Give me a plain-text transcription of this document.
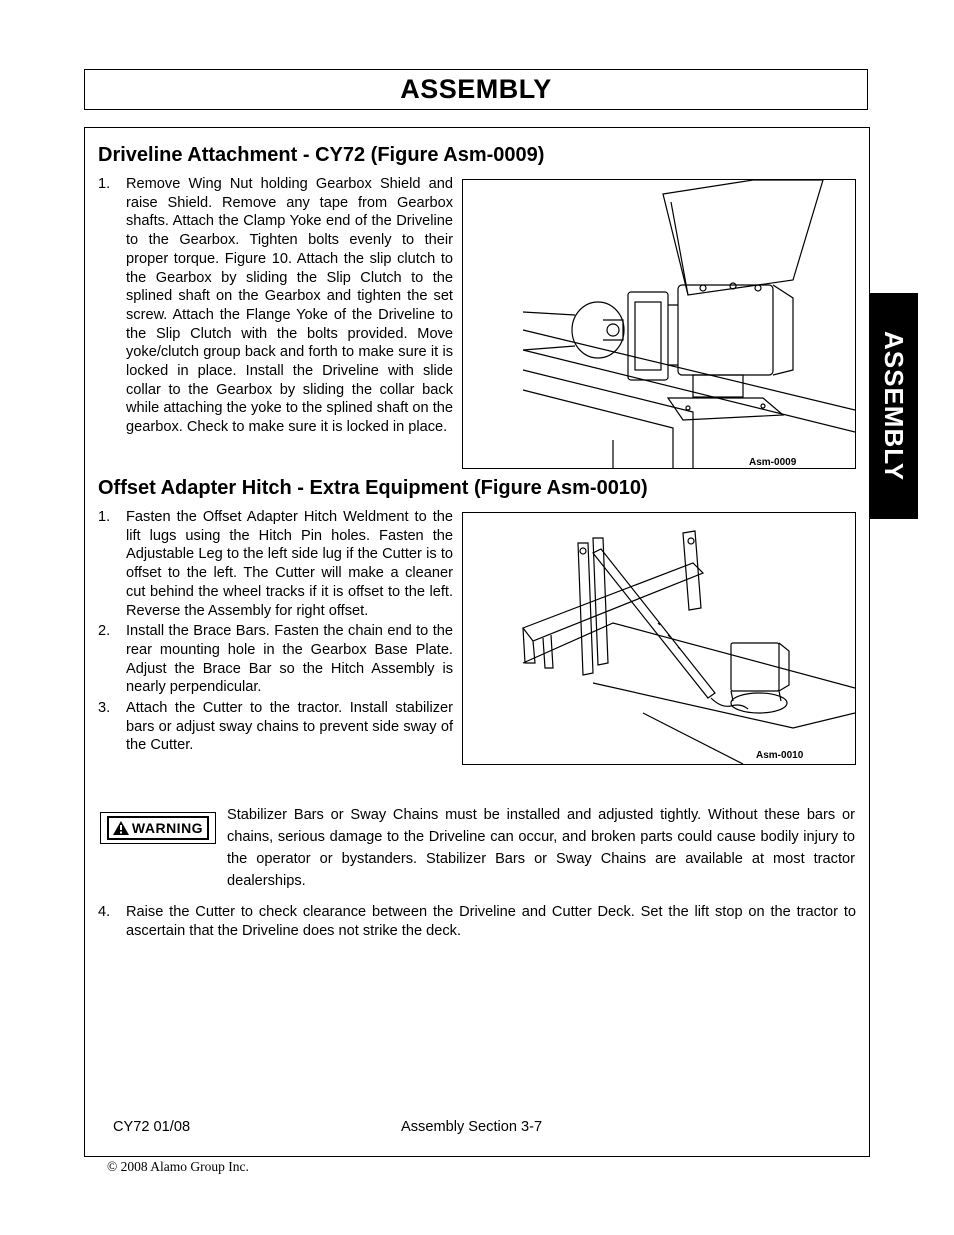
ASSEMBLY
ASSEMBLY
Driveline Attachment - CY72 (Figure Asm-0009)
1. Remove Wing Nut holding Gearbox Shield and raise Shield. Remove any tape from Gearbox shafts. Attach the Clamp Yoke end of the Driveline to the Gearbox. Tighten bolts evenly to their proper torque. Figure 10. Attach the slip clutch to the Gearbox by sliding the Slip Clutch to the splined shaft on the Gearbox and tighten the set screw. Attach the Flange Yoke of the Driveline to the Slip Clutch with the bolts provided. Move yoke/clutch group back and forth to make sure it is locked in place. Install the Driveline with slide collar to the Gearbox by sliding the collar back while attaching the yoke to the splined shaft on the gearbox. Check to make sure it is locked in place.
Asm-0009
Offset Adapter Hitch - Extra Equipment (Figure Asm-0010)
1. Fasten the Offset Adapter Hitch Weldment to the lift lugs using the Hitch Pin holes. Fasten the Adjustable Leg to the left side lug if the Cutter is to offset to the left. The Cutter will make a cleaner cut behind the wheel tracks if it is offset to the left. Reverse the Assembly for right offset.
2. Install the Brace Bars. Fasten the chain end to the rear mounting hole in the Gearbox Base Plate. Adjust the Brace Bar so the Hitch Assembly is nearly perpendicular.
3. Attach the Cutter to the tractor. Install stabilizer bars or adjust sway chains to prevent side sway of the Cutter.
Asm-0010
WARNING

Stabilizer Bars or Sway Chains must be installed and adjusted tightly. Without these bars or chains, serious damage to the Driveline can occur, and broken parts could cause bodily injury to the operator or bystanders. Stabilizer Bars or Sway Chains are available at most tractor dealerships.

4. Raise the Cutter to check clearance between the Driveline and Cutter Deck. Set the lift stop on the tractor to ascertain that the Driveline does not strike the deck.
CY72 01/08	Assembly Section 3-7
© 2008 Alamo Group Inc.
